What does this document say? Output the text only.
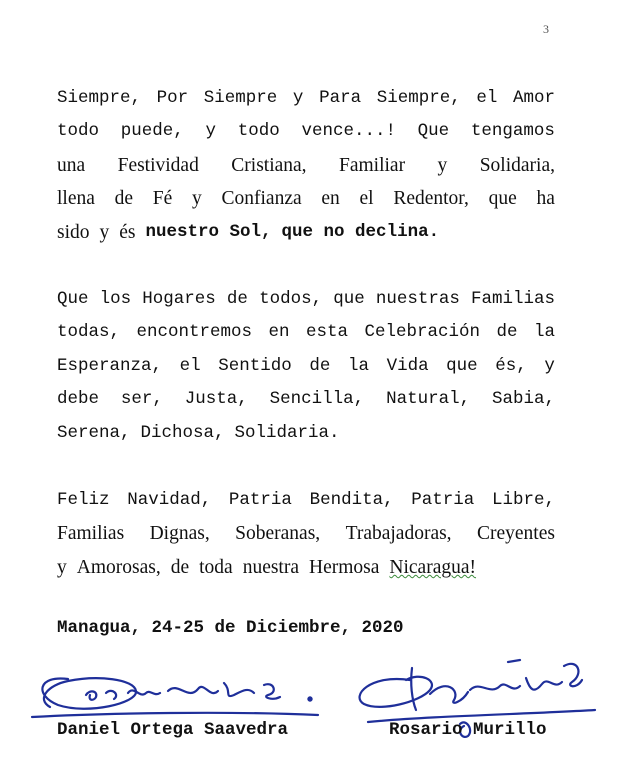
3
Siempre, Por Siempre y Para Siempre, el Amor
todo puede, y todo vence...! Que tengamos
una Festividad Cristiana, Familiar y Solidaria,
llena de Fé y Confianza en el Redentor, que ha
sido y és nuestro Sol, que no declina.
Que los Hogares de todos, que nuestras Familias
todas, encontremos en esta Celebración de la
Esperanza, el Sentido de la Vida que és, y
debe ser, Justa, Sencilla, Natural, Sabia,
Serena, Dichosa, Solidaria.
Feliz Navidad, Patria Bendita, Patria Libre,
Familias Dignas, Soberanas, Trabajadoras, Creyentes
y Amorosas, de toda nuestra Hermosa Nicaragua!
Managua, 24-25 de Diciembre, 2020
Daniel Ortega Saavedra	Rosario Murillo
